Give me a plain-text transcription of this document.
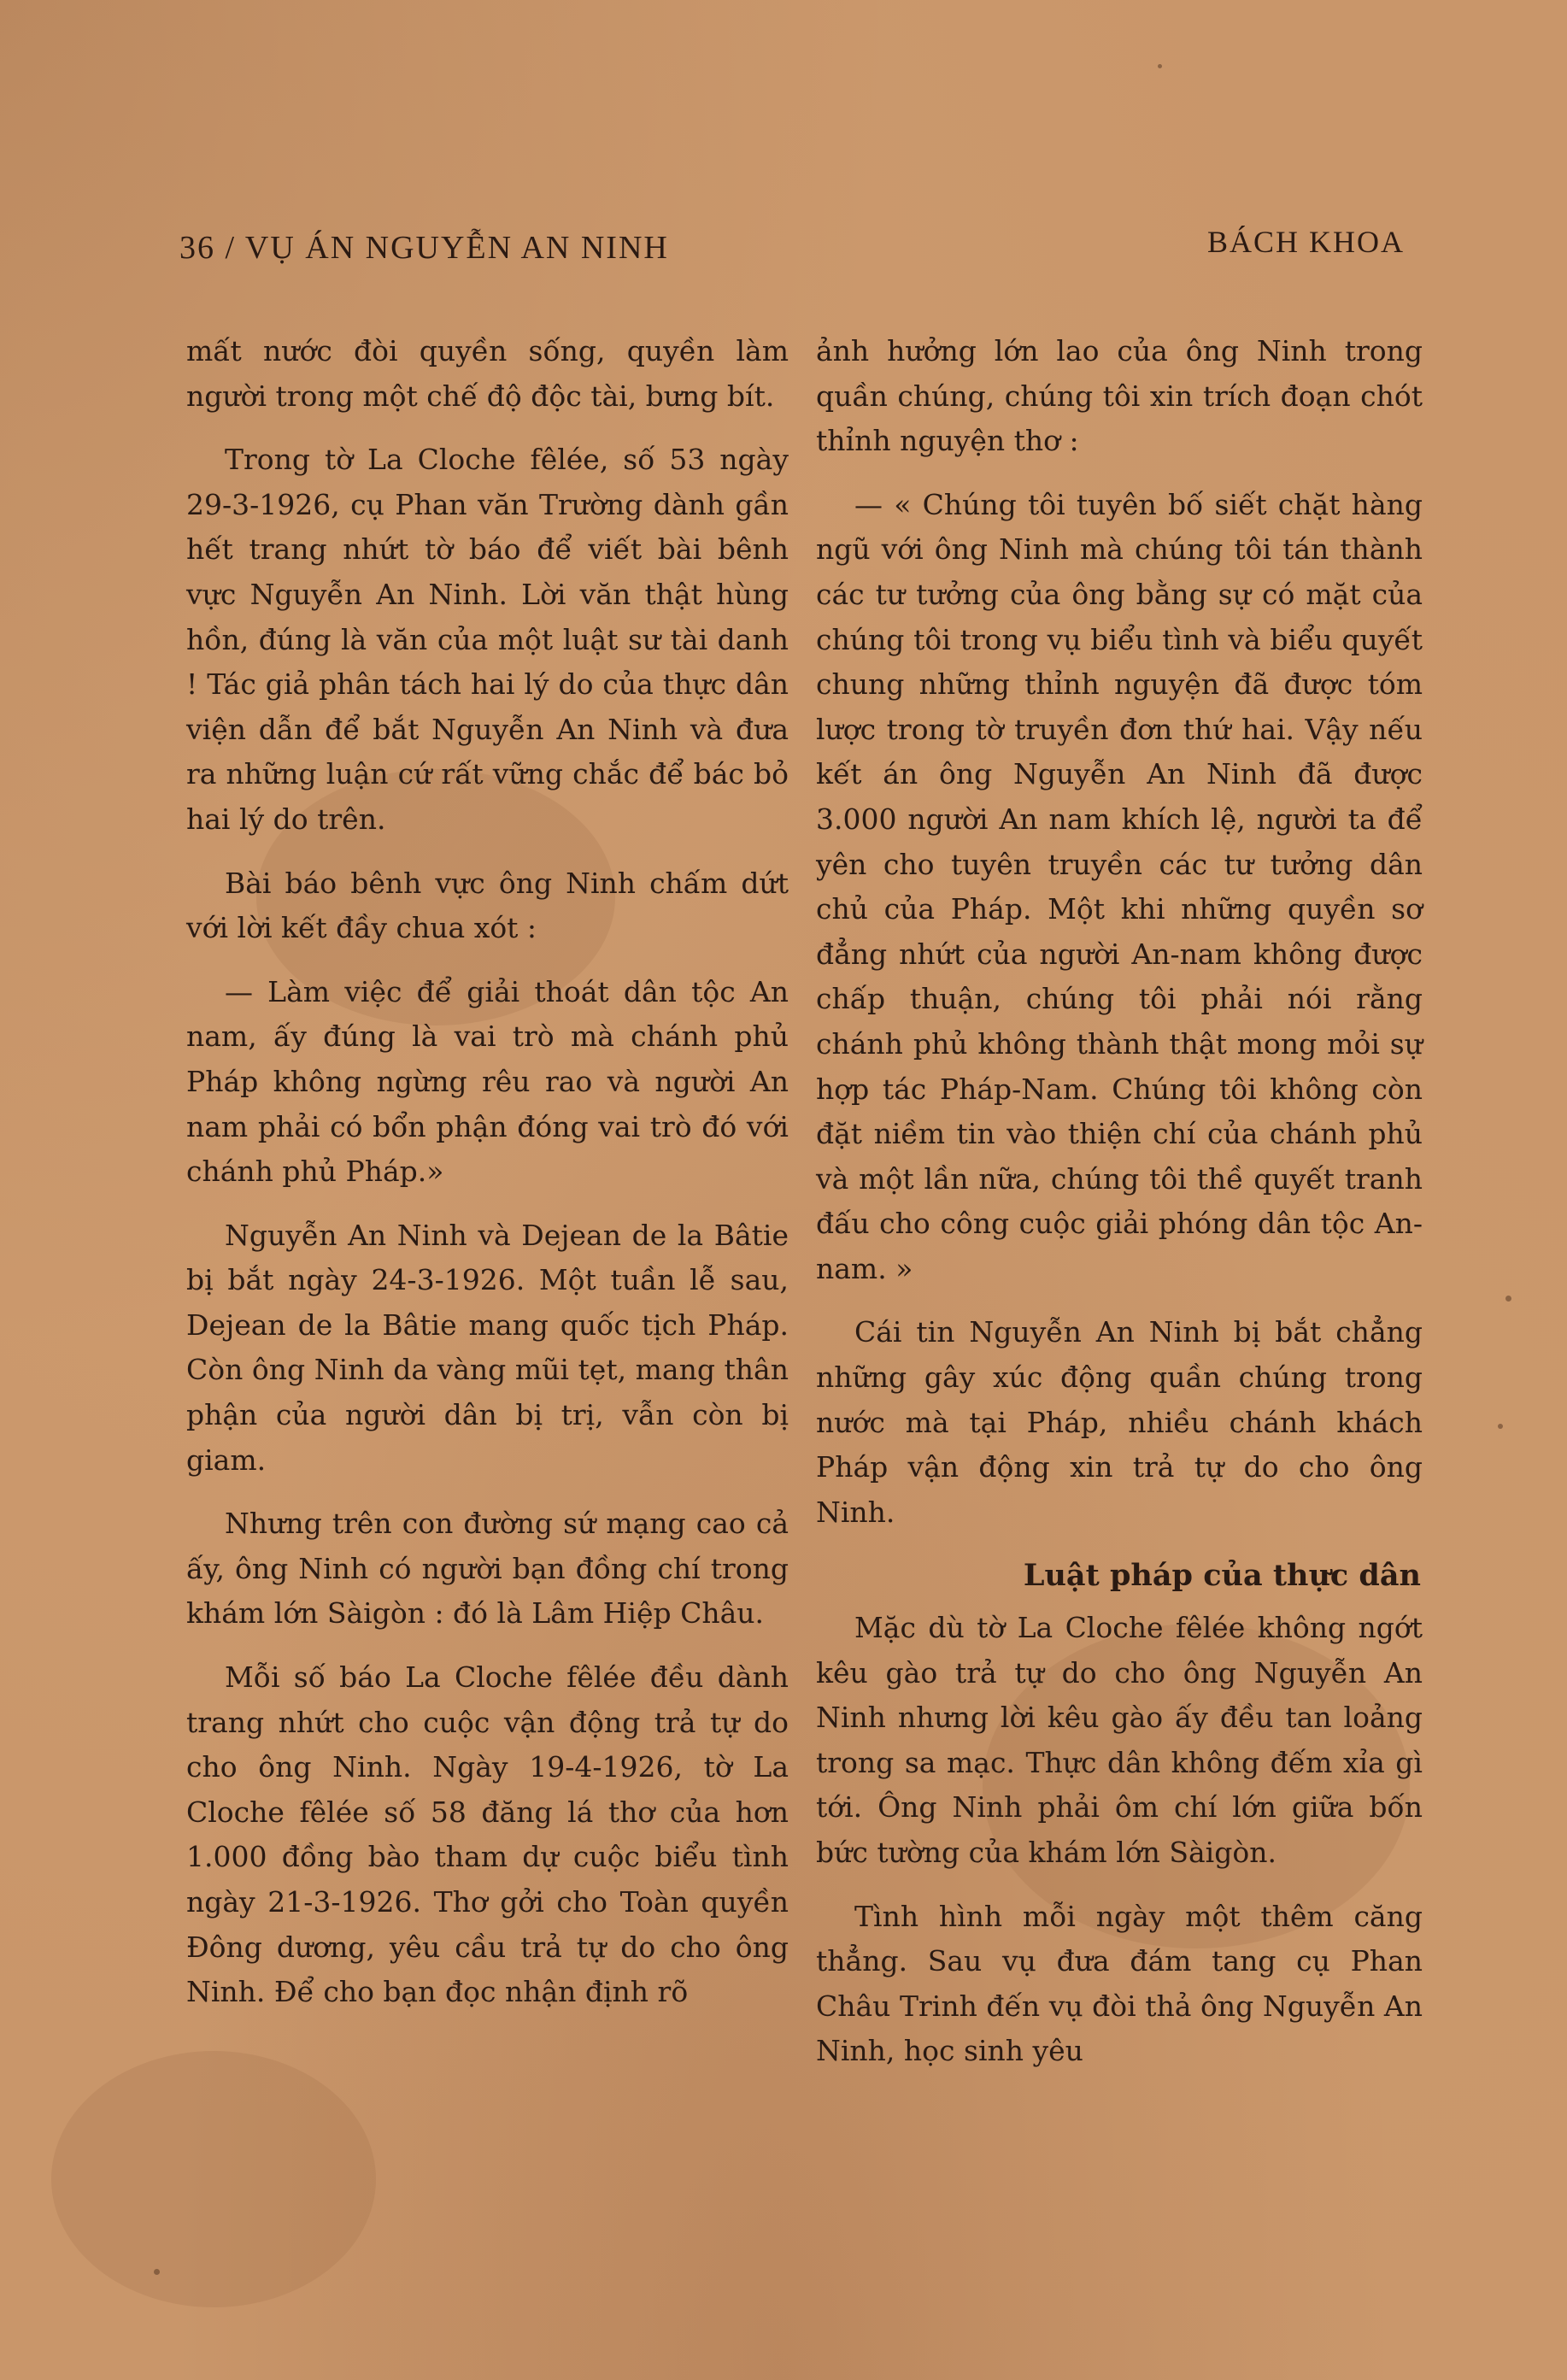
36 / VỤ ÁN NGUYỄN AN NINH	BÁCH KHOA

mất nước đòi quyền sống, quyền làm người trong một chế độ độc tài, bưng bít.

Trong tờ La Cloche fêlée, số 53 ngày 29-3-1926, cụ Phan văn Trường dành gần hết trang nhứt tờ báo để viết bài bênh vực Nguyễn An Ninh. Lời văn thật hùng hồn, đúng là văn của một luật sư tài danh ! Tác giả phân tách hai lý do của thực dân viện dẫn để bắt Nguyễn An Ninh và đưa ra những luận cứ rất vững chắc để bác bỏ hai lý do trên.

Bài báo bênh vực ông Ninh chấm dứt với lời kết đầy chua xót :

— Làm việc để giải thoát dân tộc An nam, ấy đúng là vai trò mà chánh phủ Pháp không ngừng rêu rao và người An nam phải có bổn phận đóng vai trò đó với chánh phủ Pháp.»

Nguyễn An Ninh và Dejean de la Bâtie bị bắt ngày 24-3-1926. Một tuần lễ sau, Dejean de la Bâtie mang quốc tịch Pháp. Còn ông Ninh da vàng mũi tẹt, mang thân phận của người dân bị trị, vẫn còn bị giam.

Nhưng trên con đường sứ mạng cao cả ấy, ông Ninh có người bạn đồng chí trong khám lớn Sàigòn : đó là Lâm Hiệp Châu.

Mỗi số báo La Cloche fêlée đều dành trang nhứt cho cuộc vận động trả tự do cho ông Ninh. Ngày 19-4-1926, tờ La Cloche fêlée số 58 đăng lá thơ của hơn 1.000 đồng bào tham dự cuộc biểu tình ngày 21-3-1926. Thơ gởi cho Toàn quyền Đông dương, yêu cầu trả tự do cho ông Ninh. Để cho bạn đọc nhận định rõ

ảnh hưởng lớn lao của ông Ninh trong quần chúng, chúng tôi xin trích đoạn chót thỉnh nguyện thơ :

— « Chúng tôi tuyên bố siết chặt hàng ngũ với ông Ninh mà chúng tôi tán thành các tư tưởng của ông bằng sự có mặt của chúng tôi trong vụ biểu tình và biểu quyết chung những thỉnh nguyện đã được tóm lược trong tờ truyền đơn thứ hai. Vậy nếu kết án ông Nguyễn An Ninh đã được 3.000 người An nam khích lệ, người ta để yên cho tuyên truyền các tư tưởng dân chủ của Pháp. Một khi những quyền sơ đẳng nhứt của người An-nam không được chấp thuận, chúng tôi phải nói rằng chánh phủ không thành thật mong mỏi sự hợp tác Pháp-Nam. Chúng tôi không còn đặt niềm tin vào thiện chí của chánh phủ và một lần nữa, chúng tôi thề quyết tranh đấu cho công cuộc giải phóng dân tộc An-nam. »

Cái tin Nguyễn An Ninh bị bắt chẳng những gây xúc động quần chúng trong nước mà tại Pháp, nhiều chánh khách Pháp vận động xin trả tự do cho ông Ninh.

Luật pháp của thực dân

Mặc dù tờ La Cloche fêlée không ngớt kêu gào trả tự do cho ông Nguyễn An Ninh nhưng lời kêu gào ấy đều tan loảng trong sa mạc. Thực dân không đếm xỉa gì tới. Ông Ninh phải ôm chí lớn giữa bốn bức tường của khám lớn Sàigòn.

Tình hình mỗi ngày một thêm căng thẳng. Sau vụ đưa đám tang cụ Phan Châu Trinh đến vụ đòi thả ông Nguyễn An Ninh, học sinh yêu
